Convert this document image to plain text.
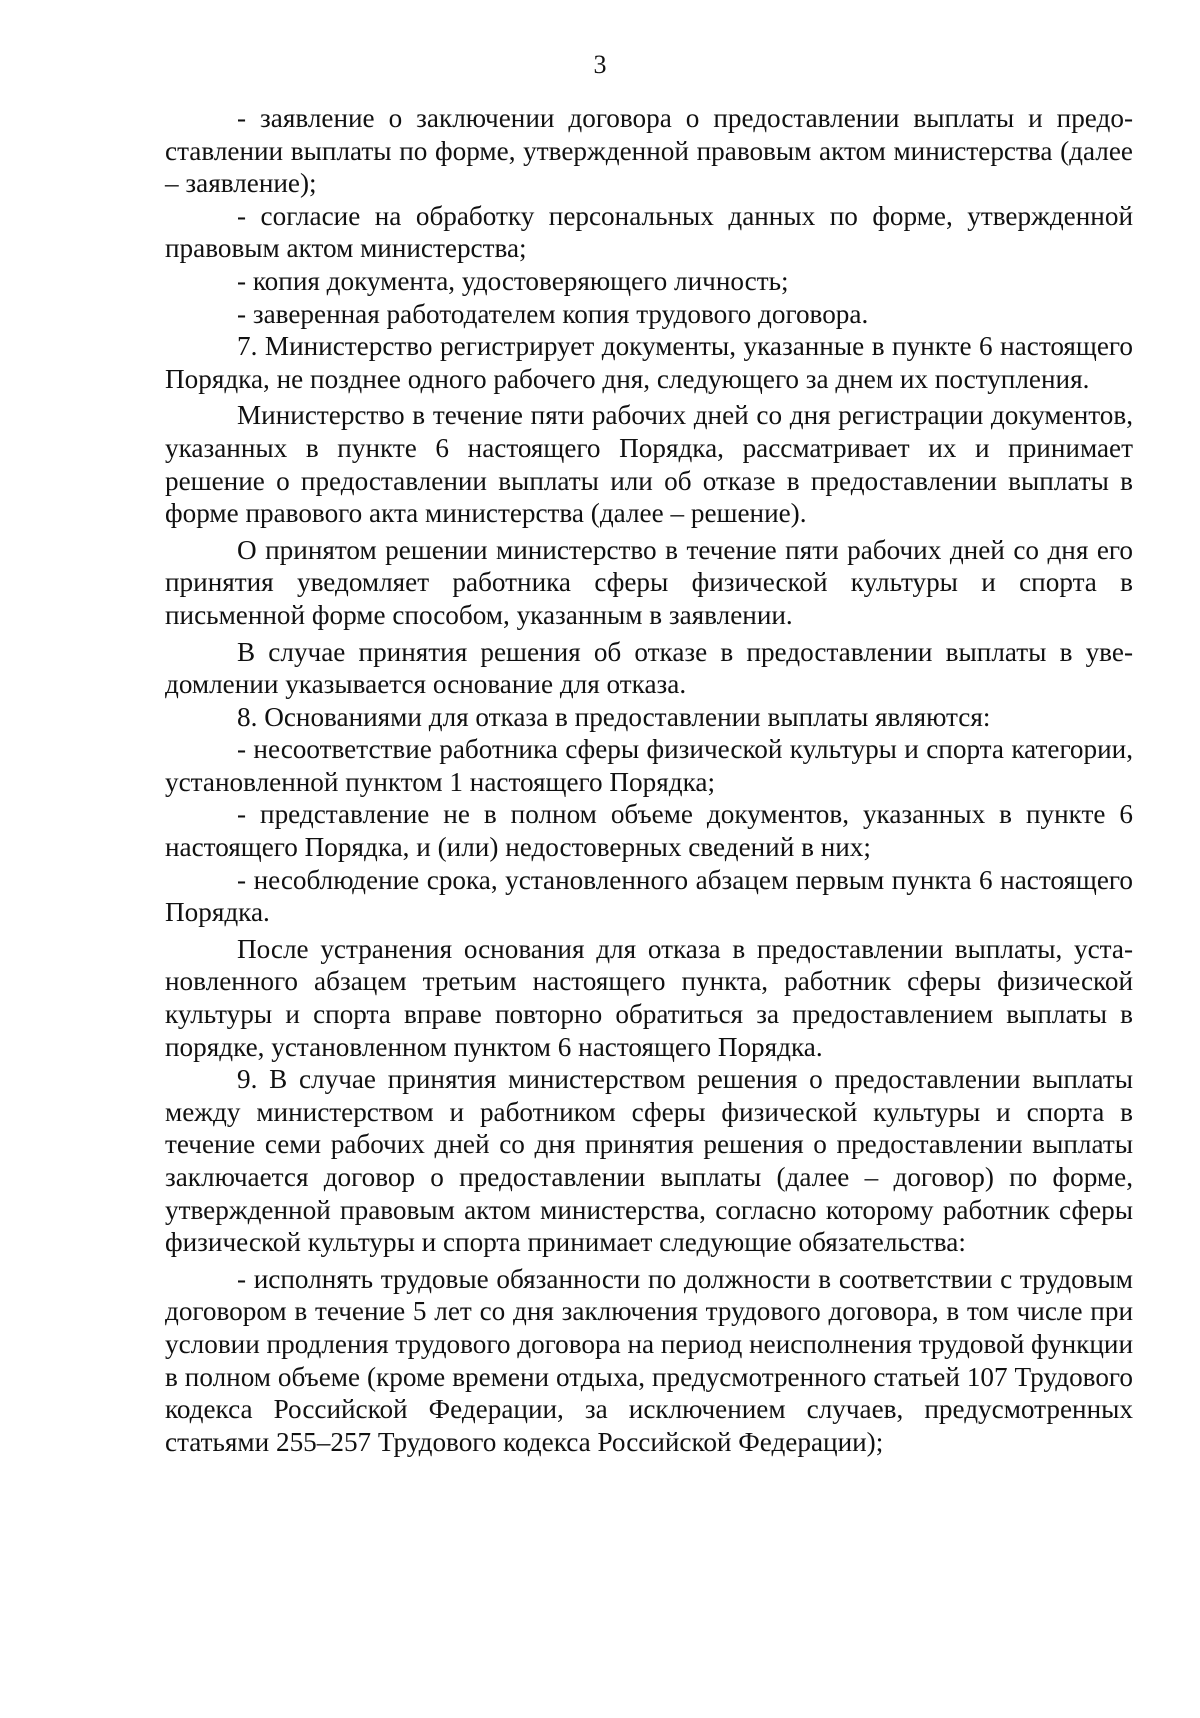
3

- заявление о заключении договора о предоставлении выплаты и предоставлении выплаты по форме, утвержденной правовым актом министерства (далее – заявление);

- согласие на обработку персональных данных по форме, утвержденной правовым актом министерства;

- копия документа, удостоверяющего личность;

- заверенная работодателем копия трудового договора.

7. Министерство регистрирует документы, указанные в пункте 6 настоящего Порядка, не позднее одного рабочего дня, следующего за днем их поступления.

Министерство в течение пяти рабочих дней со дня регистрации документов, указанных в пункте 6 настоящего Порядка, рассматривает их и принимает решение о предоставлении выплаты или об отказе в предоставлении выплаты в форме правового акта министерства (далее – решение).

О принятом решении министерство в течение пяти рабочих дней со дня его принятия уведомляет работника сферы физической культуры и спорта в письменной форме способом, указанным в заявлении.

В случае принятия решения об отказе в предоставлении выплаты в уведомлении указывается основание для отказа.

8. Основаниями для отказа в предоставлении выплаты являются:

- несоответствие работника сферы физической культуры и спорта категории, установленной пунктом 1 настоящего Порядка;

- представление не в полном объеме документов, указанных в пункте 6 настоящего Порядка, и (или) недостоверных сведений в них;

- несоблюдение срока, установленного абзацем первым пункта 6 настоящего Порядка.

После устранения основания для отказа в предоставлении выплаты, установленного абзацем третьим настоящего пункта, работник сферы физической культуры и спорта вправе повторно обратиться за предоставлением выплаты в порядке, установленном пунктом 6 настоящего Порядка.

9. В случае принятия министерством решения о предоставлении выплаты между министерством и работником сферы физической культуры и спорта в течение семи рабочих дней со дня принятия решения о предоставлении выплаты заключается договор о предоставлении выплаты (далее – договор) по форме, утвержденной правовым актом министерства, согласно которому работник сферы физической культуры и спорта принимает следующие обязательства:

- исполнять трудовые обязанности по должности в соответствии с трудовым договором в течение 5 лет со дня заключения трудового договора, в том числе при условии продления трудового договора на период неисполнения трудовой функции в полном объеме (кроме времени отдыха, предусмотренного статьей 107 Трудового кодекса Российской Федерации, за исключением случаев, предусмотренных статьями 255–257 Трудового кодекса Российской Федерации);
